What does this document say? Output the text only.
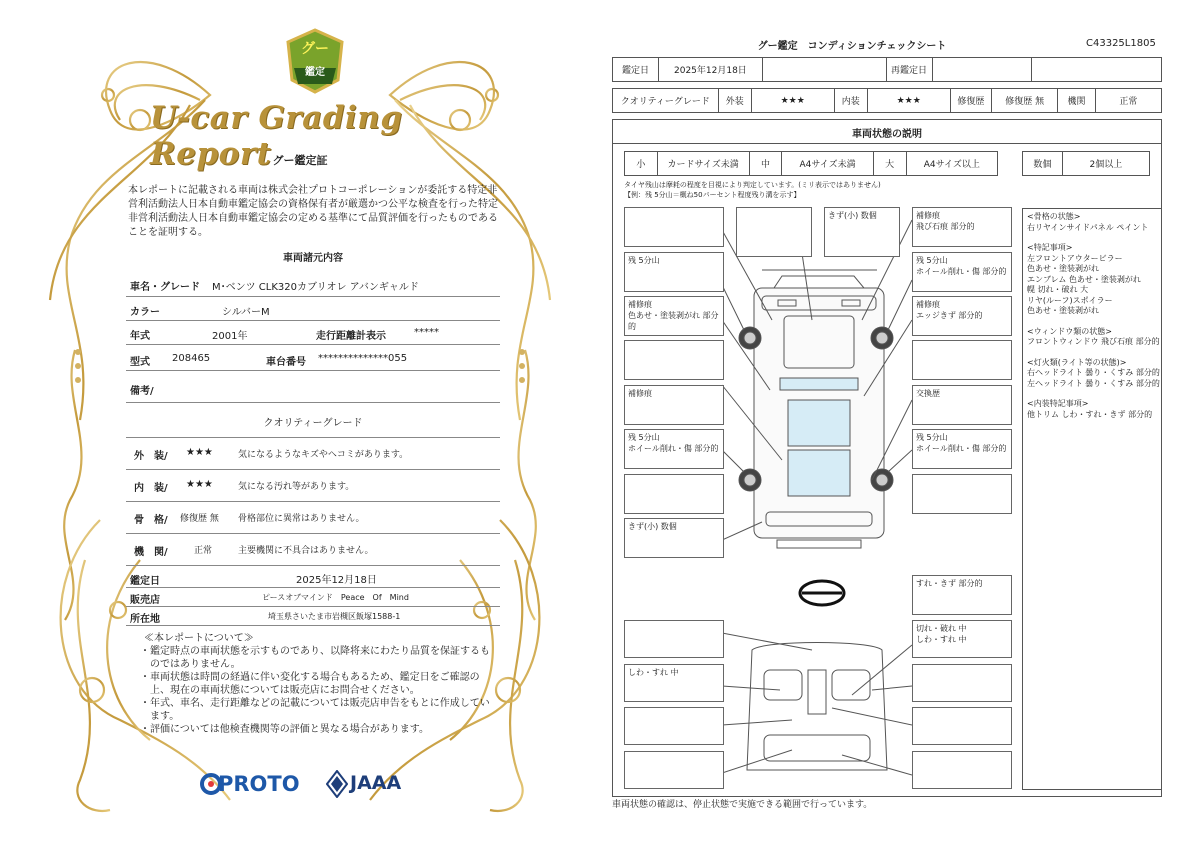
グー
鑑定
U-car Grading Report グー鑑定証
本レポートに記載される車両は株式会社プロトコーポレーションが委託する特定非営利活動法人日本自動車鑑定協会の資格保有者が厳選かつ公平な検査を行った特定非営利活動法人日本自動車鑑定協会の定める基準にて品質評価を行ったものであることを証明する。
車両諸元内容
車名・グレード M･ベンツ CLK320カブリオレ アバンギャルド
カラー	シルバーM
年式	2001年	走行距離計表示	*****
型式 208465	車台番号 **************055
備考/
クオリティーグレード
外　装/ ★★★	気になるようなキズやヘコミがあります。
内　装/ ★★★	気になる汚れ等があります。
骨　格/ 修復歴 無 骨格部位に異常はありません。
機　関/	正常	主要機関に不具合はありません。
鑑定日	2025年12月18日
販売店	ピースオブマインド　Peace　Of　Mind
所在地	埼玉県さいたま市岩槻区飯塚1588-1
≪本レポートについて≫
・鑑定時点の車両状態を示すものであり、以降将来にわたり品質を保証するものではありません。
・車両状態は時間の経過に伴い変化する場合もあるため、鑑定日をご確認の上、現在の車両状態については販売店にお問合せください。
・年式、車名、走行距離などの記載については販売店申告をもとに作成しています。
・評価については他検査機関等の評価と異なる場合があります。
PROTO	JAAA
グー鑑定　コンディションチェックシート	C43325L1805
鑑定日	2025年12月18日		再鑑定日		
クオリティーグレード	外装	★★★	内装	★★★	修復歴	修復歴 無	機関	正常
車両状態の説明
小	カードサイズ未満	中	A4サイズ未満	大	A4サイズ以上	数個	2個以上
タイヤ残山は摩耗の程度を目視により判定しています。(ミリ表示ではありません)
【例：残 5分山＝概ね50パーセント程度残り溝を示す】
残 5分山
補修痕
色あせ・塗装剥がれ 部分的
補修痕
残 5分山
ホイール削れ・傷 部分的
きず(小) 数個
きず(小) 数個	補修痕
飛び石痕 部分的
残 5分山
ホイール削れ・傷 部分的
補修痕
エッジきず 部分的
交換歴
残 5分山
ホイール削れ・傷 部分的
すれ・きず 部分的
しわ・すれ 中
切れ・破れ 中
しわ・すれ 中
<骨格の状態>
右リヤインサイドパネル ペイント
<特記事項>
左フロントアウタービラー
色あせ・塗装剥がれ
エンブレム 色あせ・塗装剥がれ
幌 切れ・破れ 大
リヤ(ルーフ)スポイラー
色あせ・塗装剥がれ
<ウィンドウ類の状態>
フロントウィンドウ 飛び石痕 部分的
<灯火類(ライト等の状態)>
右ヘッドライト 曇り・くすみ 部分的
左ヘッドライト 曇り・くすみ 部分的
<内装特記事項>
他トリム しわ・すれ・きず 部分的
車両状態の確認は、停止状態で実施できる範囲で行っています。
